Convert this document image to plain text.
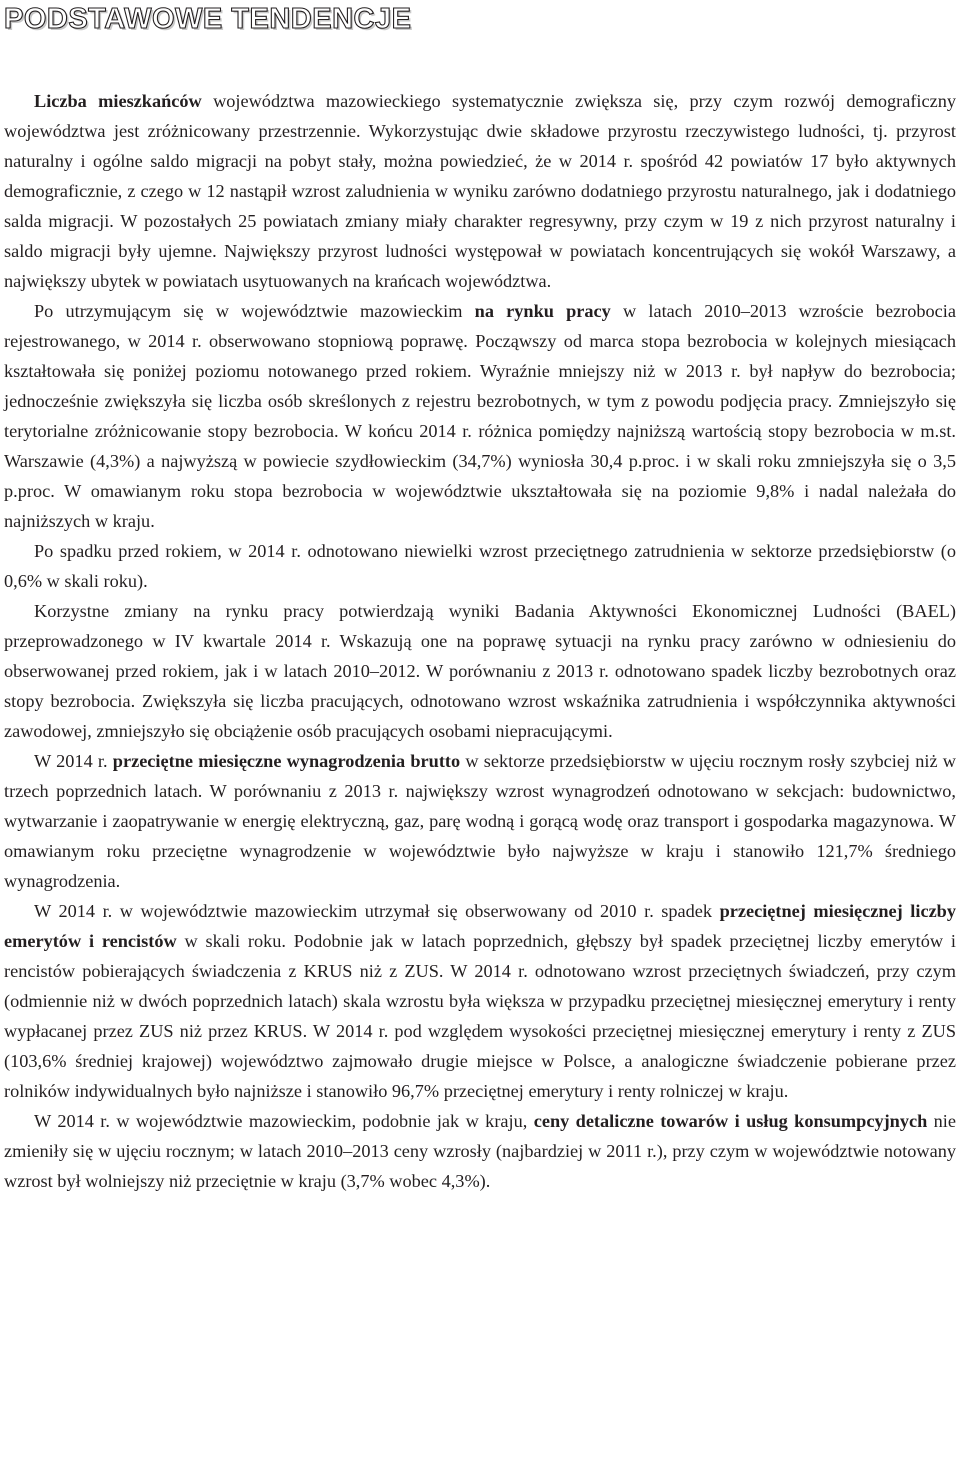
PODSTAWOWE TENDENCJE

Liczba mieszkańców województwa mazowieckiego systematycznie zwiększa się, przy czym rozwój demograficzny województwa jest zróżnicowany przestrzennie. Wykorzystując dwie składowe przyrostu rzeczywistego ludności, tj. przyrost naturalny i ogólne saldo migracji na pobyt stały, można powiedzieć, że w 2014 r. spośród 42 powiatów 17 było aktywnych demograficznie, z czego w 12 nastąpił wzrost zaludnienia w wyniku zarówno dodatniego przyrostu naturalnego, jak i dodatniego salda migracji. W pozostałych 25 powiatach zmiany miały charakter regresywny, przy czym w 19 z nich przyrost naturalny i saldo migracji były ujemne. Największy przyrost ludności występował w powiatach koncentrujących się wokół Warszawy, a największy ubytek w powiatach usytuowanych na krańcach województwa.

Po utrzymującym się w województwie mazowieckim na rynku pracy w latach 2010–2013 wzroście bezrobocia rejestrowanego, w 2014 r. obserwowano stopniową poprawę. Począwszy od marca stopa bezrobocia w kolejnych miesiącach kształtowała się poniżej poziomu notowanego przed rokiem. Wyraźnie mniejszy niż w 2013 r. był napływ do bezrobocia; jednocześnie zwiększyła się liczba osób skreślonych z rejestru bezrobotnych, w tym z powodu podjęcia pracy. Zmniejszyło się terytorialne zróżnicowanie stopy bezrobocia. W końcu 2014 r. różnica pomiędzy najniższą wartością stopy bezrobocia w m.st. Warszawie (4,3%) a najwyższą w powiecie szydłowieckim (34,7%) wyniosła 30,4 p.proc. i w skali roku zmniejszyła się o 3,5 p.proc. W omawianym roku stopa bezrobocia w województwie ukształtowała się na poziomie 9,8% i nadal należała do najniższych w kraju.

Po spadku przed rokiem, w 2014 r. odnotowano niewielki wzrost przeciętnego zatrudnienia w sektorze przedsiębiorstw (o 0,6% w skali roku).

Korzystne zmiany na rynku pracy potwierdzają wyniki Badania Aktywności Ekonomicznej Ludności (BAEL) przeprowadzonego w IV kwartale 2014 r. Wskazują one na poprawę sytuacji na rynku pracy zarówno w odniesieniu do obserwowanej przed rokiem, jak i w latach 2010–2012. W porównaniu z 2013 r. odnotowano spadek liczby bezrobotnych oraz stopy bezrobocia. Zwiększyła się liczba pracujących, odnotowano wzrost wskaźnika zatrudnienia i współczynnika aktywności zawodowej, zmniejszyło się obciążenie osób pracujących osobami niepracującymi.

W 2014 r. przeciętne miesięczne wynagrodzenia brutto w sektorze przedsiębiorstw w ujęciu rocznym rosły szybciej niż w trzech poprzednich latach. W porównaniu z 2013 r. największy wzrost wynagrodzeń odnotowano w sekcjach: budownictwo, wytwarzanie i zaopatrywanie w energię elektryczną, gaz, parę wodną i gorącą wodę oraz transport i gospodarka magazynowa. W omawianym roku przeciętne wynagrodzenie w województwie było najwyższe w kraju i stanowiło 121,7% średniego wynagrodzenia.

W 2014 r. w województwie mazowieckim utrzymał się obserwowany od 2010 r. spadek przeciętnej miesięcznej liczby emerytów i rencistów w skali roku. Podobnie jak w latach poprzednich, głębszy był spadek przeciętnej liczby emerytów i rencistów pobierających świadczenia z KRUS niż z ZUS. W 2014 r. odnotowano wzrost przeciętnych świadczeń, przy czym (odmiennie niż w dwóch poprzednich latach) skala wzrostu była większa w przypadku przeciętnej miesięcznej emerytury i renty wypłacanej przez ZUS niż przez KRUS. W 2014 r. pod względem wysokości przeciętnej miesięcznej emerytury i renty z ZUS (103,6% średniej krajowej) województwo zajmowało drugie miejsce w Polsce, a analogiczne świadczenie pobierane przez rolników indywidualnych było najniższe i stanowiło 96,7% przeciętnej emerytury i renty rolniczej w kraju.

W 2014 r. w województwie mazowieckim, podobnie jak w kraju, ceny detaliczne towarów i usług konsumpcyjnych nie zmieniły się w ujęciu rocznym; w latach 2010–2013 ceny wzrosły (najbardziej w 2011 r.), przy czym w województwie notowany wzrost był wolniejszy niż przeciętnie w kraju (3,7% wobec 4,3%).
